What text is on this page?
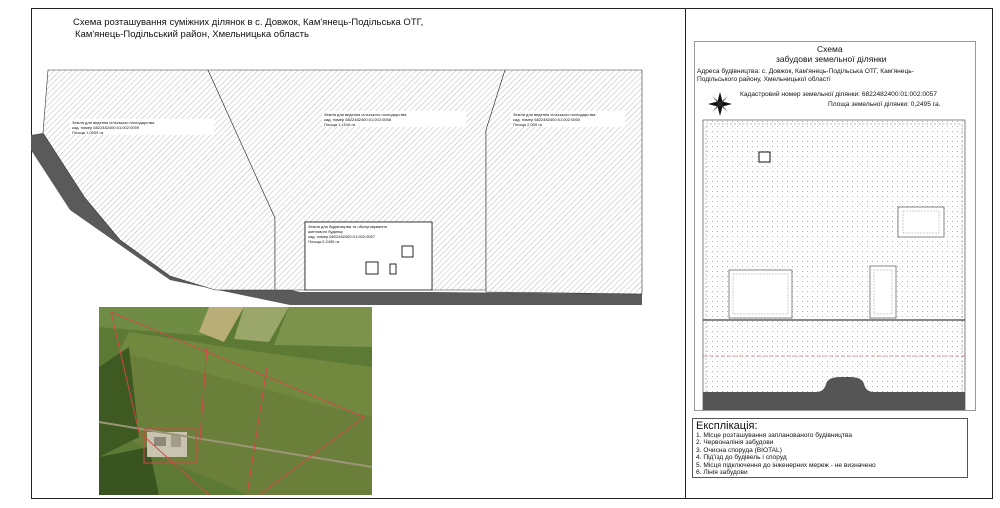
Схема розташування суміжних ділянок в с. Довжок, Кам'янець-Подільська ОТГ,
Кам'янець-Подільський район, Хмельницька область
Земля для ведення сільського господарства
кад. номер 6822482400:01:002:0059
Площа 1,0009 га
Земля для ведення сільського господарства
кад. номер 6822482400:01:002:0058
Площа 1,1516 га
Земля для ведення сільського господарства
кад. номер 6822482400:01:002:0060
Площа 2,009 га
Земля для будівництва та обслуговування
житлового будинку
кад. номер 6822482400:01:002:0057
Площа 0,2495 га
Схема
забудови земельної ділянки
Адреса будівництва: с. Довжок, Кам'янець-Подільська ОТГ, Кам'янець-
Подільського району, Хмельницької області
Кадастровий номер земельної ділянки: 6822482400:01:002:0057
Площа земельної ділянки: 0,2495 га.
Експлікація:
1. Місце розташування запланованого будівництва
2. Червоналінія забудови
3. Очисна споруда (BIOTAL)
4. Під'їзд до будівель і споруд
5. Місця підключення до інженерних мереж - не визначено
6. Лінія забудови
